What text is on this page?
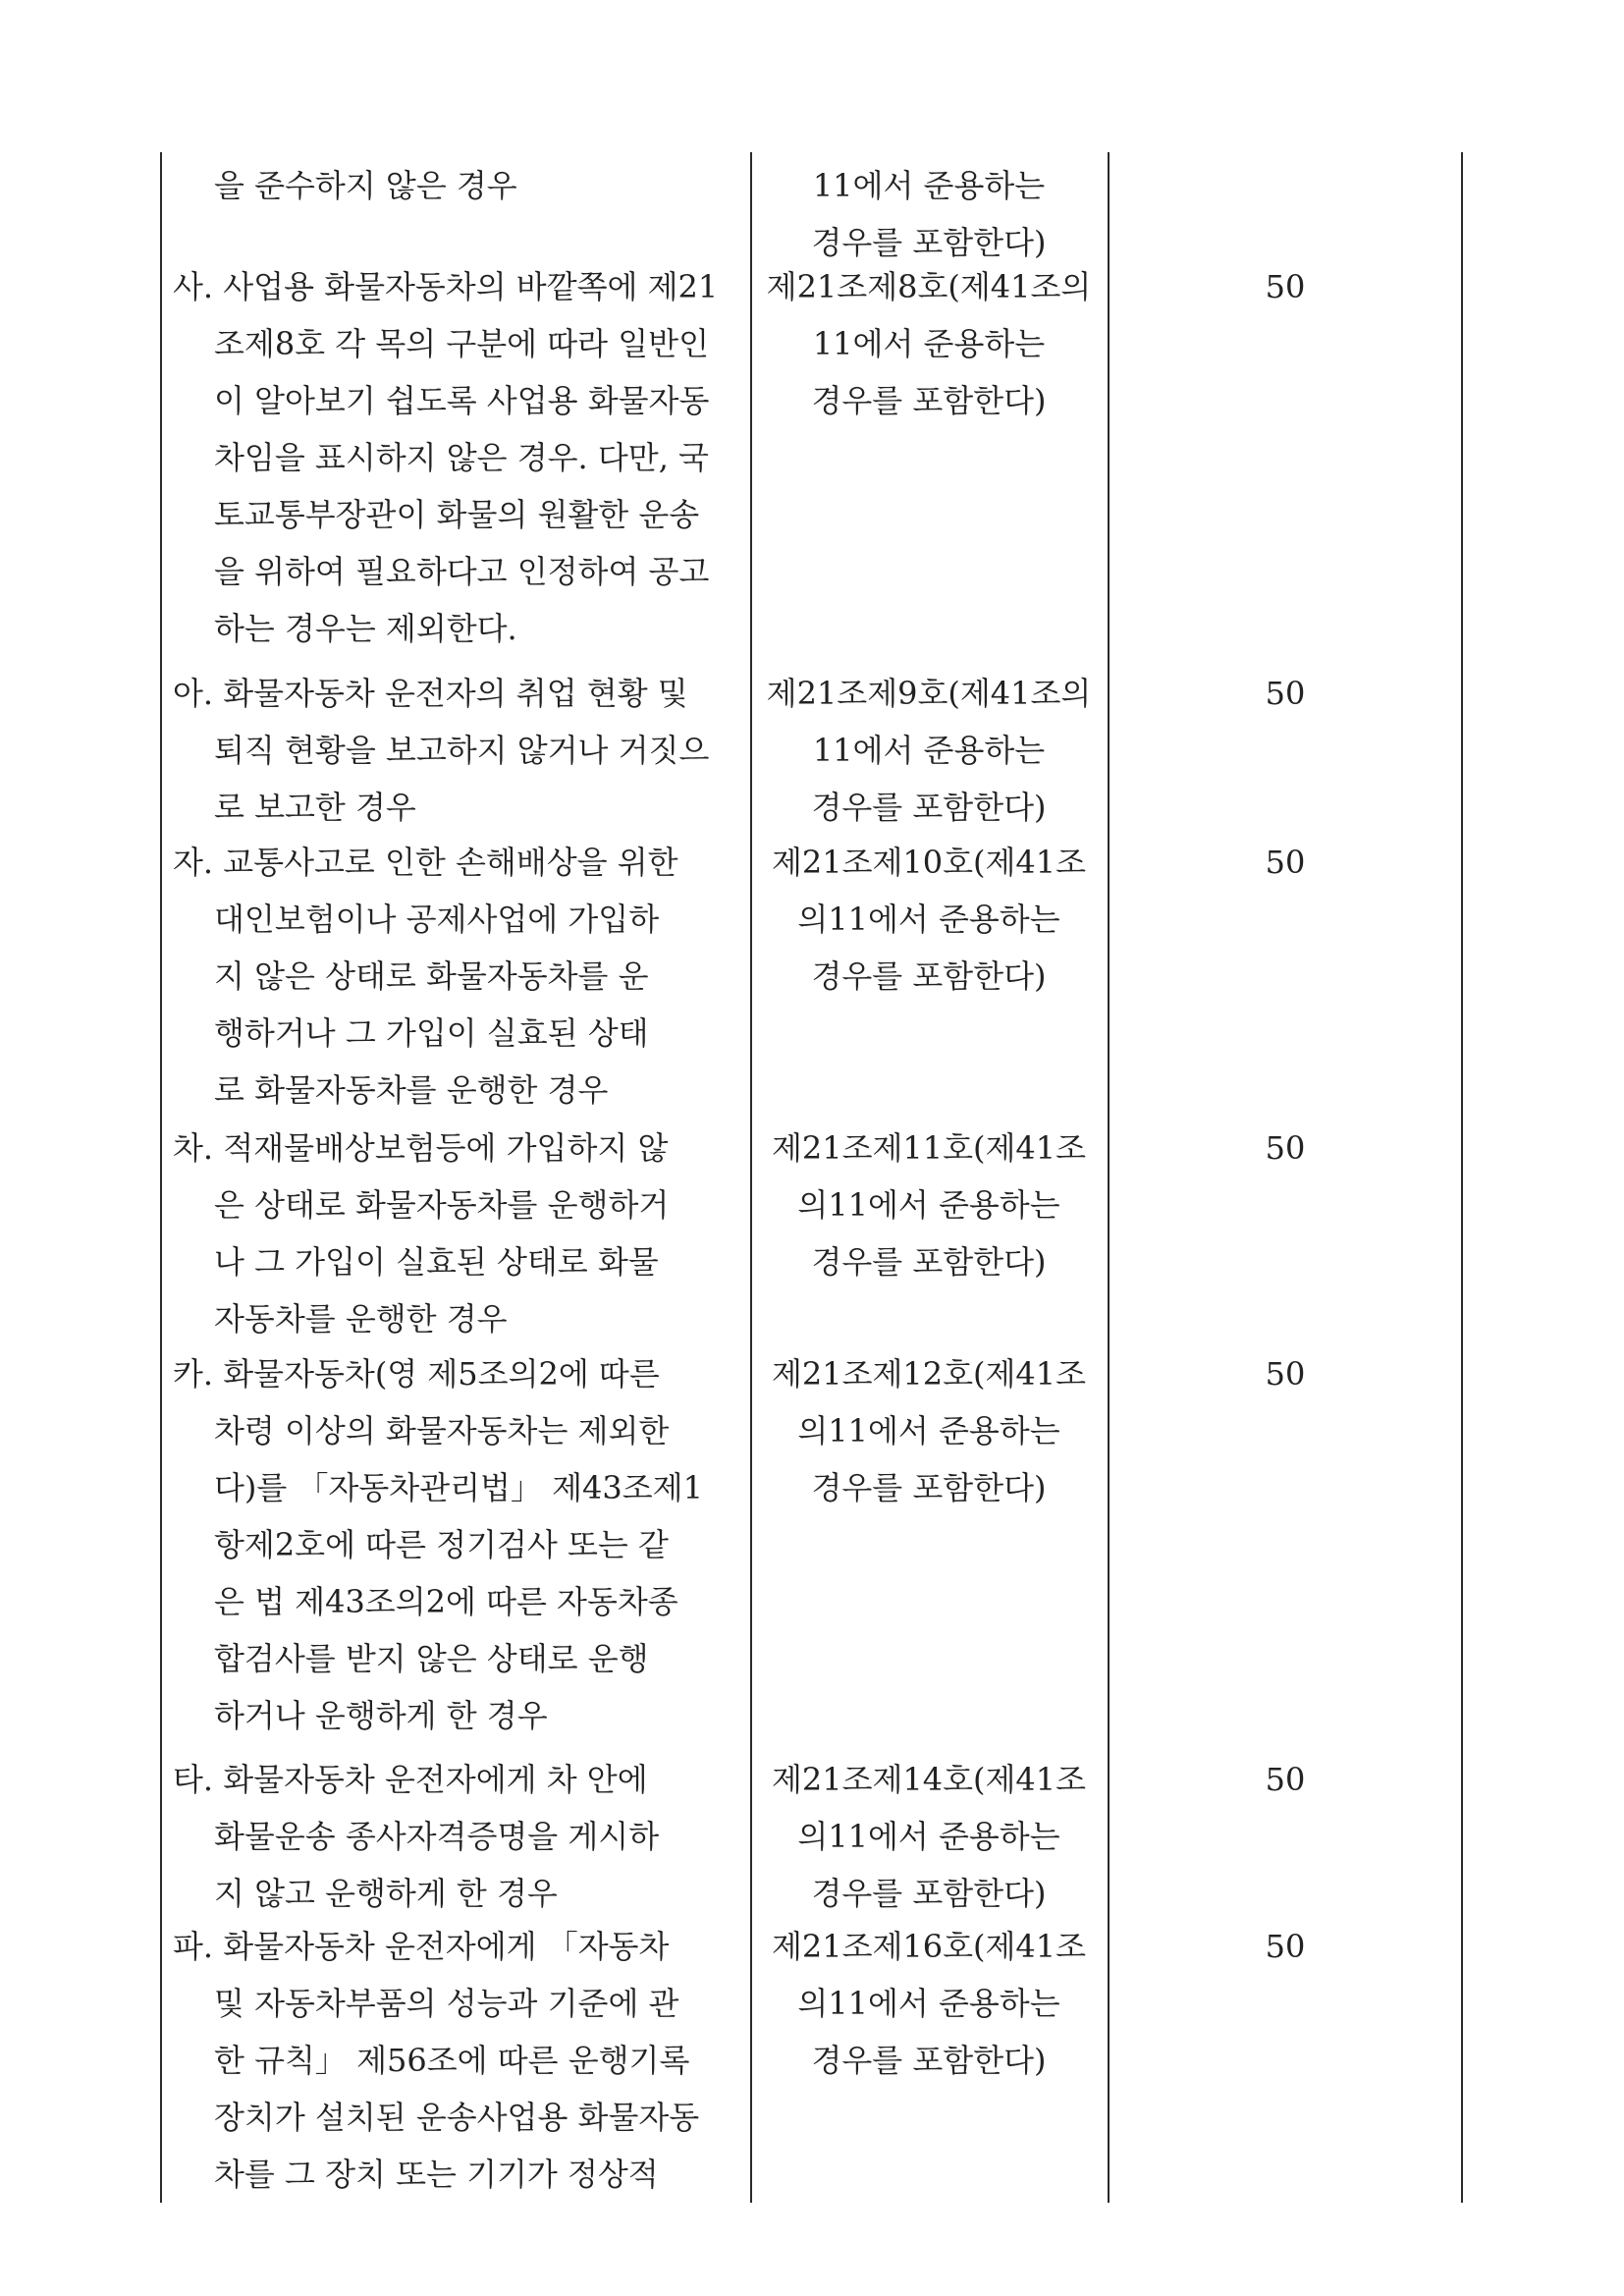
을 준수하지 않은 경우	11에서 준용하는
경우를 포함한다)
사. 사업용 화물자동차의 바깥쪽에 제21
조제8호 각 목의 구분에 따라 일반인
이 알아보기 쉽도록 사업용 화물자동
차임을 표시하지 않은 경우. 다만, 국
토교통부장관이 화물의 원활한 운송
을 위하여 필요하다고 인정하여 공고
하는 경우는 제외한다.
제21조제8호(제41조의
11에서 준용하는
경우를 포함한다)
50
아. 화물자동차 운전자의 취업 현황 및
퇴직 현황을 보고하지 않거나 거짓으
로 보고한 경우
제21조제9호(제41조의
11에서 준용하는
경우를 포함한다)
50
자. 교통사고로 인한 손해배상을 위한
대인보험이나 공제사업에 가입하
지 않은 상태로 화물자동차를 운
행하거나 그 가입이 실효된 상태
로 화물자동차를 운행한 경우
제21조제10호(제41조
의11에서 준용하는
경우를 포함한다)
50
차. 적재물배상보험등에 가입하지 않
은 상태로 화물자동차를 운행하거
나 그 가입이 실효된 상태로 화물
자동차를 운행한 경우
제21조제11호(제41조
의11에서 준용하는
경우를 포함한다)
50
카. 화물자동차(영 제5조의2에 따른
차령 이상의 화물자동차는 제외한
다)를 「자동차관리법」 제43조제1
항제2호에 따른 정기검사 또는 같
은 법 제43조의2에 따른 자동차종
합검사를 받지 않은 상태로 운행
하거나 운행하게 한 경우
제21조제12호(제41조
의11에서 준용하는
경우를 포함한다)
50
타. 화물자동차 운전자에게 차 안에
화물운송 종사자격증명을 게시하
지 않고 운행하게 한 경우
제21조제14호(제41조
의11에서 준용하는
경우를 포함한다)
50
파. 화물자동차 운전자에게 「자동차
및 자동차부품의 성능과 기준에 관
한 규칙」 제56조에 따른 운행기록
장치가 설치된 운송사업용 화물자동
차를 그 장치 또는 기기가 정상적
제21조제16호(제41조
의11에서 준용하는
경우를 포함한다)
50
